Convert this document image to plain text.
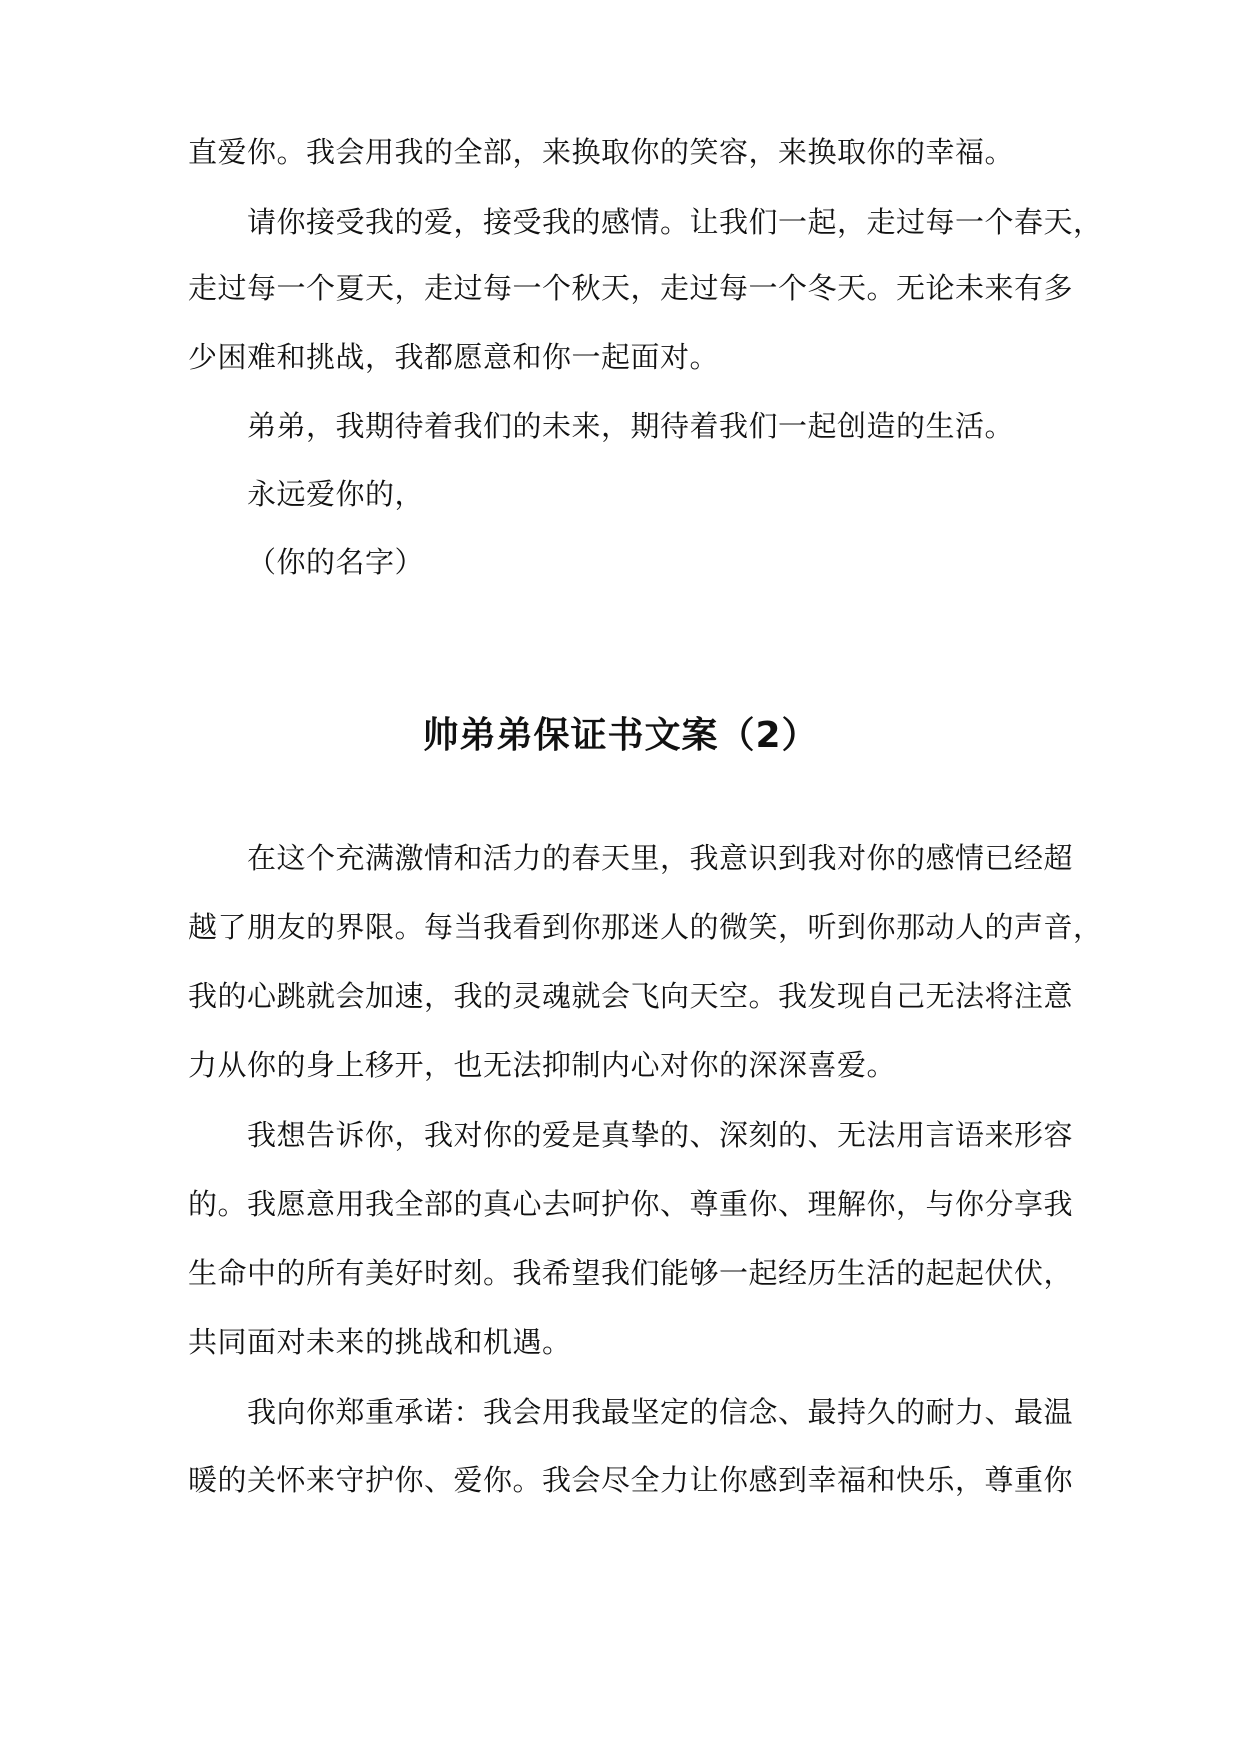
直爱你。我会用我的全部，来换取你的笑容，来换取你的幸福。
请你接受我的爱，接受我的感情。让我们一起，走过每一个春天，
走过每一个夏天，走过每一个秋天，走过每一个冬天。无论未来有多
少困难和挑战，我都愿意和你一起面对。
弟弟，我期待着我们的未来，期待着我们一起创造的生活。
永远爱你的，
（你的名字）
帅弟弟保证书文案（2）
在这个充满激情和活力的春天里，我意识到我对你的感情已经超
越了朋友的界限。每当我看到你那迷人的微笑，听到你那动人的声音，
我的心跳就会加速，我的灵魂就会飞向天空。我发现自己无法将注意
力从你的身上移开，也无法抑制内心对你的深深喜爱。
我想告诉你，我对你的爱是真挚的、深刻的、无法用言语来形容
的。我愿意用我全部的真心去呵护你、尊重你、理解你，与你分享我
生命中的所有美好时刻。我希望我们能够一起经历生活的起起伏伏，
共同面对未来的挑战和机遇。
我向你郑重承诺：我会用我最坚定的信念、最持久的耐力、最温
暖的关怀来守护你、爱你。我会尽全力让你感到幸福和快乐，尊重你
